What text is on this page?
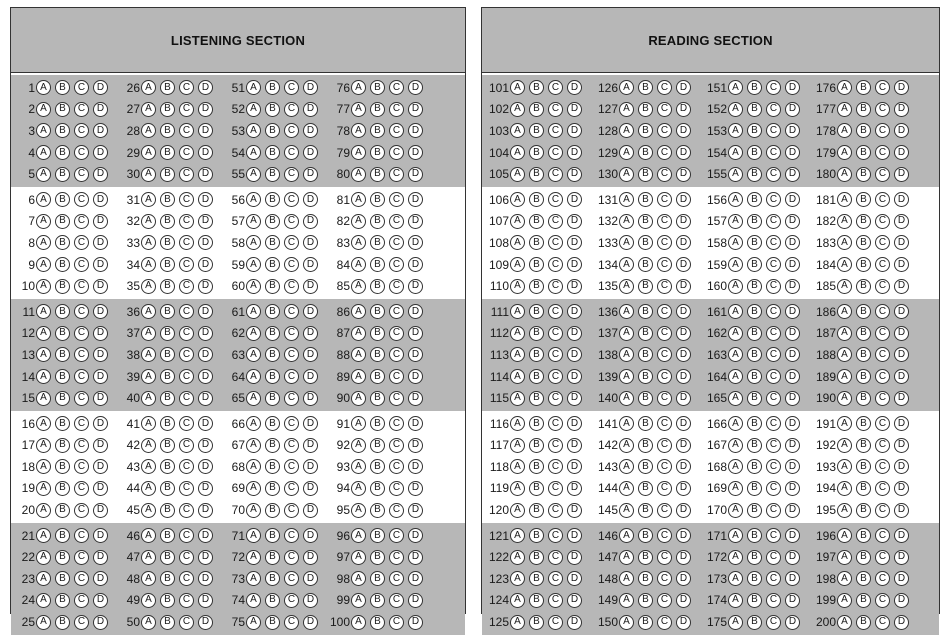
LISTENING SECTION
1 A	B	C	D	26 A	B	C	D	51 A	B	C	D	76 A	B	C	D
2 A	B	C	D	27 A	B	C	D	52 A	B	C	D	77 A	B	C	D
3 A	B	C	D	28 A	B	C	D	53 A	B	C	D	78 A	B	C	D
4 A	B	C	D	29 A	B	C	D	54 A	B	C	D	79 A	B	C	D
5 A	B	C	D	30 A	B	C	D	55 A	B	C	D	80 A	B	C	D
6 A	B	C	D	31 A	B	C	D	56 A	B	C	D	81 A	B	C	D
7 A	B	C	D	32 A	B	C	D	57 A	B	C	D	82 A	B	C	D
8 A	B	C	D	33 A	B	C	D	58 A	B	C	D	83 A	B	C	D
9 A	B	C	D	34 A	B	C	D	59 A	B	C	D	84 A	B	C	D
10 A	B	C	D	35 A	B	C	D	60 A	B	C	D	85 A	B	C	D
11 A	B	C	D	36 A	B	C	D	61 A	B	C	D	86 A	B	C	D
12 A	B	C	D	37 A	B	C	D	62 A	B	C	D	87 A	B	C	D
13 A	B	C	D	38 A	B	C	D	63 A	B	C	D	88 A	B	C	D
14 A	B	C	D	39 A	B	C	D	64 A	B	C	D	89 A	B	C	D
15 A	B	C	D	40 A	B	C	D	65 A	B	C	D	90 A	B	C	D
16 A	B	C	D	41 A	B	C	D	66 A	B	C	D	91 A	B	C	D
17 A	B	C	D	42 A	B	C	D	67 A	B	C	D	92 A	B	C	D
18 A	B	C	D	43 A	B	C	D	68 A	B	C	D	93 A	B	C	D
19 A	B	C	D	44 A	B	C	D	69 A	B	C	D	94 A	B	C	D
20 A	B	C	D	45 A	B	C	D	70 A	B	C	D	95 A	B	C	D
21 A	B	C	D	46 A	B	C	D	71 A	B	C	D	96 A	B	C	D
22 A	B	C	D	47 A	B	C	D	72 A	B	C	D	97 A	B	C	D
23 A	B	C	D	48 A	B	C	D	73 A	B	C	D	98 A	B	C	D
24 A	B	C	D	49 A	B	C	D	74 A	B	C	D	99 A	B	C	D
25 A	B	C	D	50 A	B	C	D	75 A	B	C	D	100 A	B	C	D
READING SECTION
101 A	B	C	D	126 A	B	C	D	151 A	B	C	D	176 A	B	C	D
102 A	B	C	D	127 A	B	C	D	152 A	B	C	D	177 A	B	C	D
103 A	B	C	D	128 A	B	C	D	153 A	B	C	D	178 A	B	C	D
104 A	B	C	D	129 A	B	C	D	154 A	B	C	D	179 A	B	C	D
105 A	B	C	D	130 A	B	C	D	155 A	B	C	D	180 A	B	C	D
106 A	B	C	D	131 A	B	C	D	156 A	B	C	D	181 A	B	C	D
107 A	B	C	D	132 A	B	C	D	157 A	B	C	D	182 A	B	C	D
108 A	B	C	D	133 A	B	C	D	158 A	B	C	D	183 A	B	C	D
109 A	B	C	D	134 A	B	C	D	159 A	B	C	D	184 A	B	C	D
110 A	B	C	D	135 A	B	C	D	160 A	B	C	D	185 A	B	C	D
111 A	B	C	D	136 A	B	C	D	161 A	B	C	D	186 A	B	C	D
112 A	B	C	D	137 A	B	C	D	162 A	B	C	D	187 A	B	C	D
113 A	B	C	D	138 A	B	C	D	163 A	B	C	D	188 A	B	C	D
114 A	B	C	D	139 A	B	C	D	164 A	B	C	D	189 A	B	C	D
115 A	B	C	D	140 A	B	C	D	165 A	B	C	D	190 A	B	C	D
116 A	B	C	D	141 A	B	C	D	166 A	B	C	D	191 A	B	C	D
117 A	B	C	D	142 A	B	C	D	167 A	B	C	D	192 A	B	C	D
118 A	B	C	D	143 A	B	C	D	168 A	B	C	D	193 A	B	C	D
119 A	B	C	D	144 A	B	C	D	169 A	B	C	D	194 A	B	C	D
120 A	B	C	D	145 A	B	C	D	170 A	B	C	D	195 A	B	C	D
121 A	B	C	D	146 A	B	C	D	171 A	B	C	D	196 A	B	C	D
122 A	B	C	D	147 A	B	C	D	172 A	B	C	D	197 A	B	C	D
123 A	B	C	D	148 A	B	C	D	173 A	B	C	D	198 A	B	C	D
124 A	B	C	D	149 A	B	C	D	174 A	B	C	D	199 A	B	C	D
125 A	B	C	D	150 A	B	C	D	175 A	B	C	D	200 A	B	C	D
